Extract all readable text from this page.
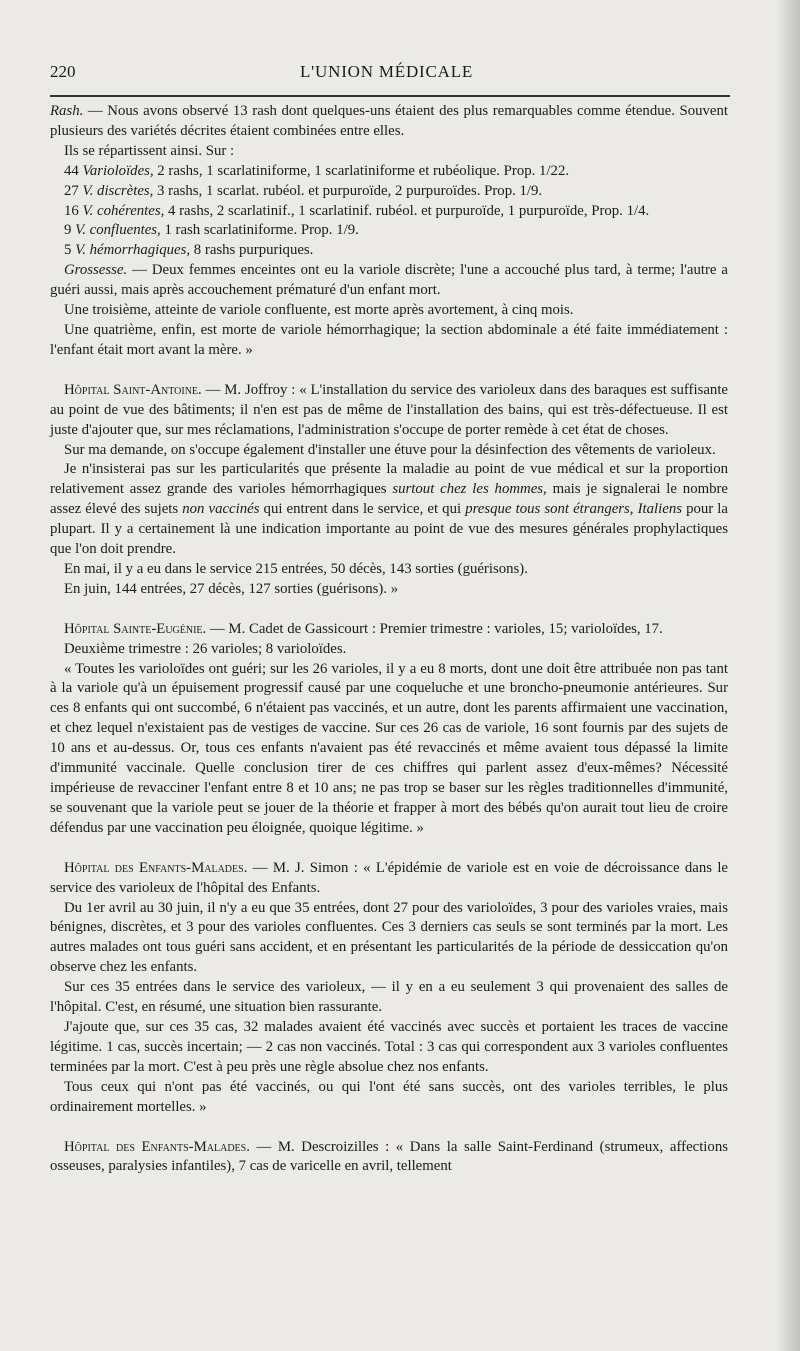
220	L'UNION MÉDICALE

Rash. — Nous avons observé 13 rash dont quelques-uns étaient des plus remarquables comme étendue. Souvent plusieurs des variétés décrites étaient combinées entre elles.

Ils se répartissent ainsi. Sur :

44 Varioloïdes, 2 rashs, 1 scarlatiniforme, 1 scarlatiniforme et rubéolique. Prop. 1/22.

27 V. discrètes, 3 rashs, 1 scarlat. rubéol. et purpuroïde, 2 purpuroïdes. Prop. 1/9.

16 V. cohérentes, 4 rashs, 2 scarlatinif., 1 scarlatinif. rubéol. et purpuroïde, 1 purpuroïde, Prop. 1/4.

9 V. confluentes, 1 rash scarlatiniforme. Prop. 1/9.

5 V. hémorrhagiques, 8 rashs purpuriques.

Grossesse. — Deux femmes enceintes ont eu la variole discrète; l'une a accouché plus tard, à terme; l'autre a guéri aussi, mais après accouchement prématuré d'un enfant mort.

Une troisième, atteinte de variole confluente, est morte après avortement, à cinq mois.

Une quatrième, enfin, est morte de variole hémorrhagique; la section abdominale a été faite immédiatement : l'enfant était mort avant la mère. »

Hôpital Saint-Antoine. — M. Joffroy : « L'installation du service des varioleux dans des baraques est suffisante au point de vue des bâtiments; il n'en est pas de même de l'installation des bains, qui est très-défectueuse. Il est juste d'ajouter que, sur mes réclamations, l'administration s'occupe de porter remède à cet état de choses.

Sur ma demande, on s'occupe également d'installer une étuve pour la désinfection des vêtements de varioleux.

Je n'insisterai pas sur les particularités que présente la maladie au point de vue médical et sur la proportion relativement assez grande des varioles hémorrhagiques surtout chez les hommes, mais je signalerai le nombre assez élevé des sujets non vaccinés qui entrent dans le service, et qui presque tous sont étrangers, Italiens pour la plupart. Il y a certainement là une indication importante au point de vue des mesures générales prophylactiques que l'on doit prendre.

En mai, il y a eu dans le service 215 entrées, 50 décès, 143 sorties (guérisons).

En juin, 144 entrées, 27 décès, 127 sorties (guérisons). »

Hôpital Sainte-Eugénie. — M. Cadet de Gassicourt : Premier trimestre : varioles, 15; varioloïdes, 17.

Deuxième trimestre : 26 varioles; 8 varioloïdes.

« Toutes les varioloïdes ont guéri; sur les 26 varioles, il y a eu 8 morts, dont une doit être attribuée non pas tant à la variole qu'à un épuisement progressif causé par une coqueluche et une broncho-pneumonie antérieures. Sur ces 8 enfants qui ont succombé, 6 n'étaient pas vaccinés, et un autre, dont les parents affirmaient une vaccination, et chez lequel n'existaient pas de vestiges de vaccine. Sur ces 26 cas de variole, 16 sont fournis par des sujets de 10 ans et au-dessus. Or, tous ces enfants n'avaient pas été revaccinés et même avaient tous dépassé la limite d'immunité vaccinale. Quelle conclusion tirer de ces chiffres qui parlent assez d'eux-mêmes? Nécessité impérieuse de revacciner l'enfant entre 8 et 10 ans; ne pas trop se baser sur les règles traditionnelles d'immunité, se souvenant que la variole peut se jouer de la théorie et frapper à mort des bébés qu'on aurait tout lieu de croire défendus par une vaccination peu éloignée, quoique légitime. »

Hôpital des Enfants-Malades. — M. J. Simon : « L'épidémie de variole est en voie de décroissance dans le service des varioleux de l'hôpital des Enfants.

Du 1er avril au 30 juin, il n'y a eu que 35 entrées, dont 27 pour des varioloïdes, 3 pour des varioles vraies, mais bénignes, discrètes, et 3 pour des varioles confluentes. Ces 3 derniers cas seuls se sont terminés par la mort. Les autres malades ont tous guéri sans accident, et en présentant les particularités de la période de dessiccation qu'on observe chez les enfants.

Sur ces 35 entrées dans le service des varioleux, — il y en a eu seulement 3 qui provenaient des salles de l'hôpital. C'est, en résumé, une situation bien rassurante.

J'ajoute que, sur ces 35 cas, 32 malades avaient été vaccinés avec succès et portaient les traces de vaccine légitime. 1 cas, succès incertain; — 2 cas non vaccinés. Total : 3 cas qui correspondent aux 3 varioles confluentes terminées par la mort. C'est à peu près une règle absolue chez nos enfants.

Tous ceux qui n'ont pas été vaccinés, ou qui l'ont été sans succès, ont des varioles terribles, le plus ordinairement mortelles. »

Hôpital des Enfants-Malades. — M. Descroizilles : « Dans la salle Saint-Ferdinand (strumeux, affections osseuses, paralysies infantiles), 7 cas de varicelle en avril, tellement
